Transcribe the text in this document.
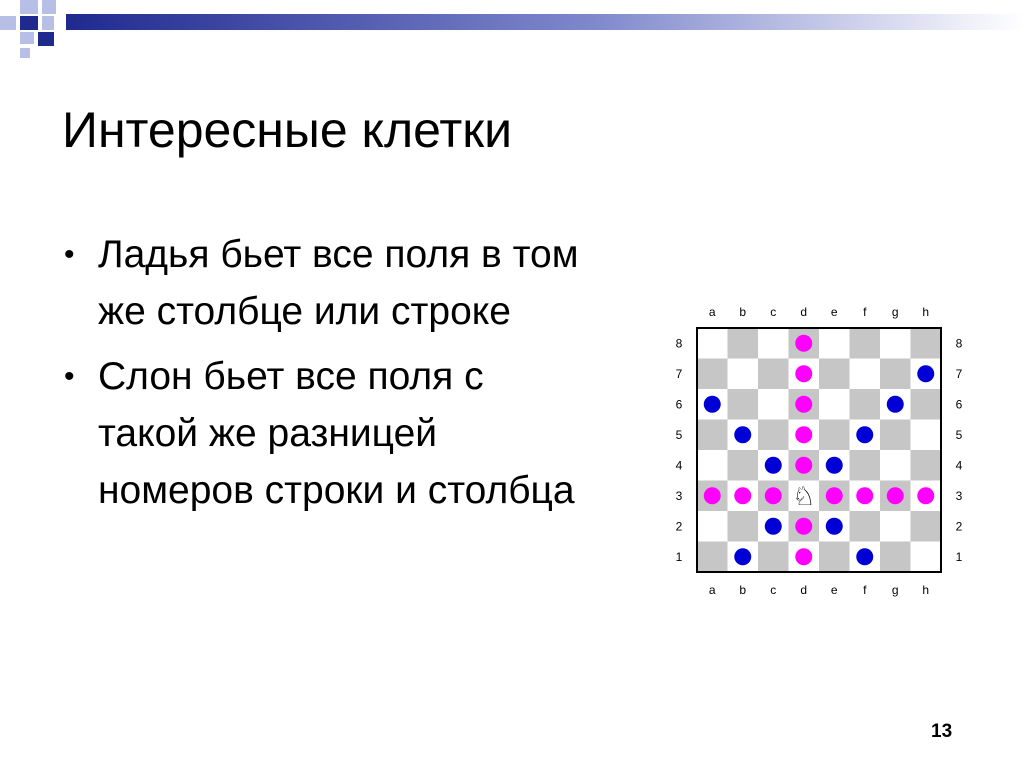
Интересные клетки
• Ладья бьет все поля в том же столбце или строке
• Слон бьет все поля с такой же разницей номеров строки и столбца
a
a
b
b
c
c
d
d
e
e
f
f
g
g
h
h
8	8
7	7
6	6
5	5
4	4
3	3
2	2
1	1
♘
13
